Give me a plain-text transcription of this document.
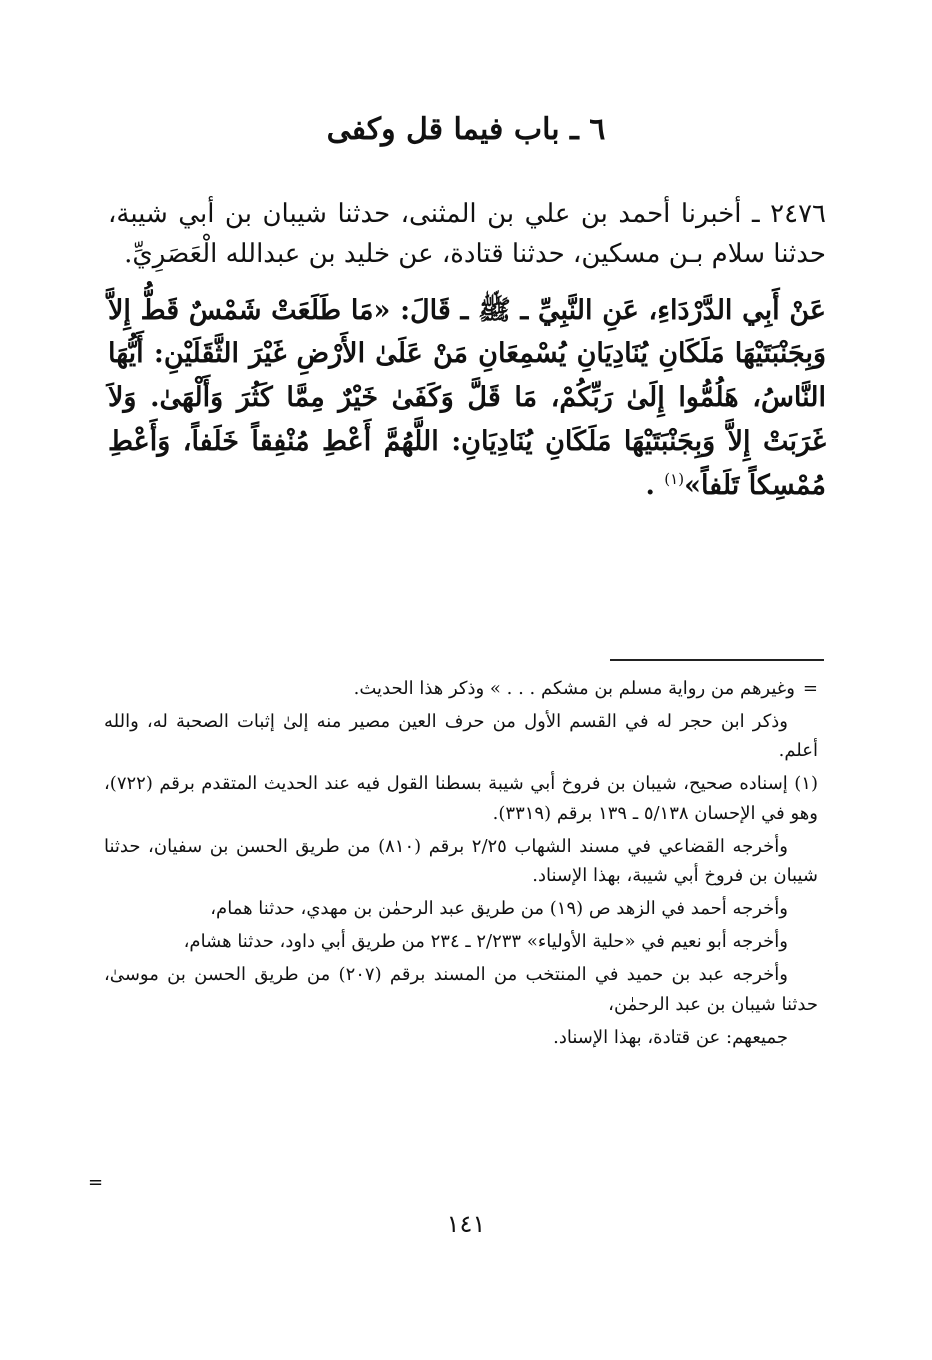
٦ ـ باب فيما قل وكفى

٢٤٧٦ ـ أخبرنا أحمد بن علي بن المثنى، حدثنا شيبان بن أبي شيبة، حدثنا سلام بـن مسكين، حدثنا قتادة، عن خليد بن عبدالله الْعَصَرِيِّ.

عَنْ أَبِي الدَّرْدَاءِ، عَنِ النَّبِيِّ ـ ﷺ ـ قَالَ: «مَا طَلَعَتْ شَمْسٌ قَطُّ إِلاَّ وَبِجَنْبَتَيْهَا مَلَكَانِ يُنَادِيَانِ يُسْمِعَانِ مَنْ عَلَىٰ الأَرْضِ غَيْرَ الثَّقَلَيْنِ: أَيُّهَا النَّاسُ، هَلُمُّوا إِلَىٰ رَبِّكُمْ، مَا قَلَّ وَكَفَىٰ خَيْرٌ مِمَّا كَثُرَ وَأَلْهَىٰ. وَلاَ غَرَبَتْ إِلاَّ وَبِجَنْبَتَيْهَا مَلَكَانِ يُنَادِيَانِ: اللَّهُمَّ أَعْطِ مُنْفِقاً خَلَفاً، وَأَعْطِ مُمْسِكاً تَلَفاً»$^{(١)}$ .

=وغيرهم من رواية مسلم بن مشكم . . . » وذكر هذا الحديث.

وذكر ابن حجر له في القسم الأول من حرف العين مصير منه إلىٰ إثبات الصحبة له، والله أعلم.

(١) إسناده صحيح، شيبان بن فروخ أبي شيبة بسطنا القول فيه عند الحديث المتقدم برقم (٧٢٢)، وهو في الإحسان ٥/١٣٨ ـ ١٣٩ برقم (٣٣١٩).

وأخرجه القضاعي في مسند الشهاب ٢/٢٥ برقم (٨١٠) من طريق الحسن بن سفيان، حدثنا شيبان بن فروخ أبي شيبة، بهذا الإسناد.

وأخرجه أحمد في الزهد ص (١٩) من طريق عبد الرحمٰن بن مهدي، حدثنا همام،

وأخرجه أبو نعيم في «حلية الأولياء» ٢/٢٣٣ ـ ٢٣٤ من طريق أبي داود، حدثنا هشام،

وأخرجه عبد بن حميد في المنتخب من المسند برقم (٢٠٧) من طريق الحسن بن موسىٰ، حدثنا شيبان بن عبد الرحمٰن،

جميعهم: عن قتادة، بهذا الإسناد.

=
١٤١
